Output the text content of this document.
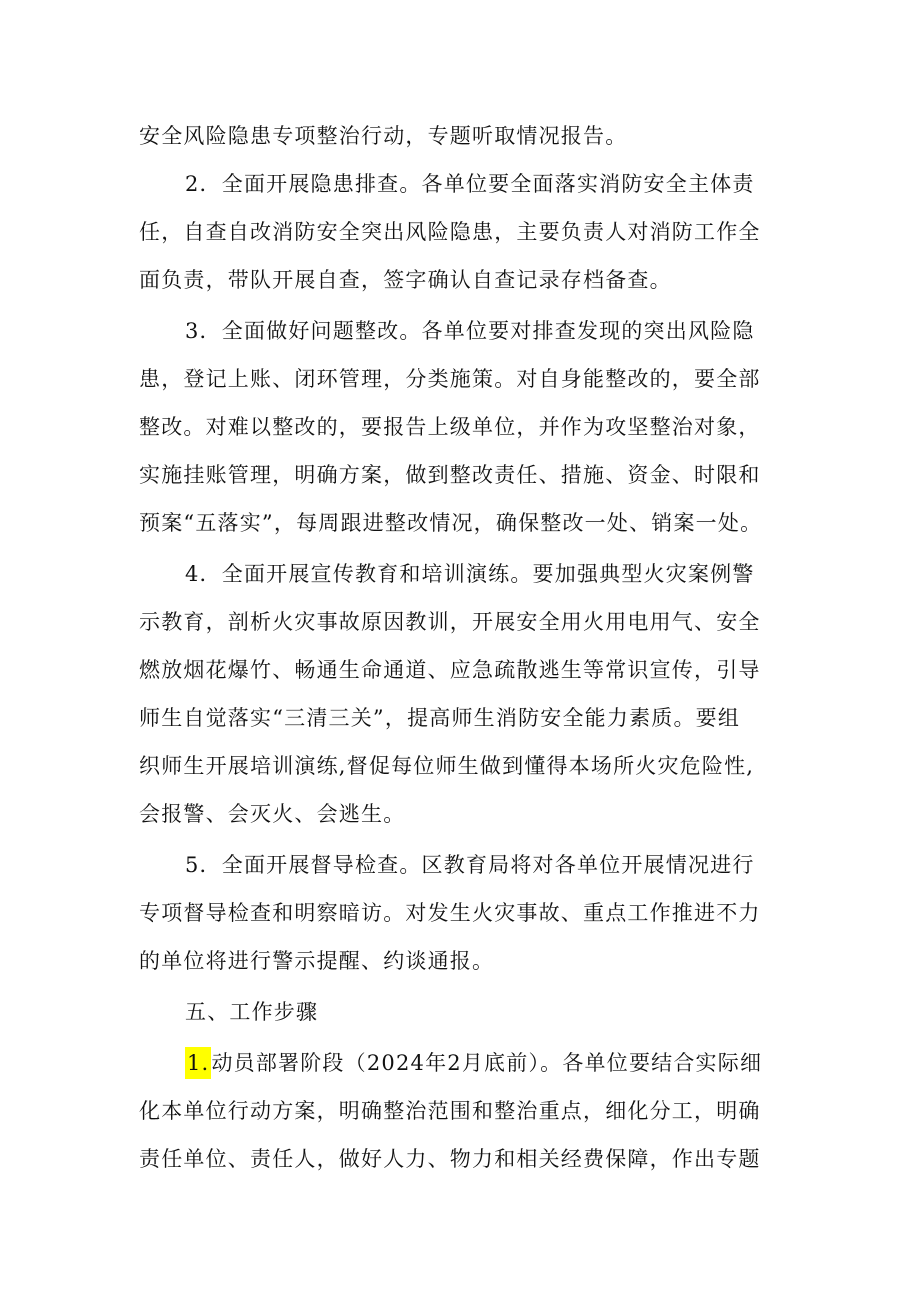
安全风险隐患专项整治行动，专题听取情况报告。
2．全面开展隐患排查。各单位要全面落实消防安全主体责
任，自查自改消防安全突出风险隐患，主要负责人对消防工作全
面负责，带队开展自查，签字确认自查记录存档备查。
3．全面做好问题整改。各单位要对排查发现的突出风险隐
患，登记上账、闭环管理，分类施策。对自身能整改的，要全部
整改。对难以整改的，要报告上级单位，并作为攻坚整治对象，
实施挂账管理，明确方案，做到整改责任、措施、资金、时限和
预案“五落实”，每周跟进整改情况，确保整改一处、销案一处。
4．全面开展宣传教育和培训演练。要加强典型火灾案例警
示教育，剖析火灾事故原因教训，开展安全用火用电用气、安全
燃放烟花爆竹、畅通生命通道、应急疏散逃生等常识宣传，引导
师生自觉落实“三清三关”，提高师生消防安全能力素质。要组
织师生开展培训演练,督促每位师生做到懂得本场所火灾危险性,
会报警、会灭火、会逃生。
5．全面开展督导检查。区教育局将对各单位开展情况进行
专项督导检查和明察暗访。对发生火灾事故、重点工作推进不力
的单位将进行警示提醒、约谈通报。
五、工作步骤
1.动员部署阶段（2024年2月底前）。各单位要结合实际细
化本单位行动方案，明确整治范围和整治重点，细化分工，明确
责任单位、责任人，做好人力、物力和相关经费保障，作出专题
